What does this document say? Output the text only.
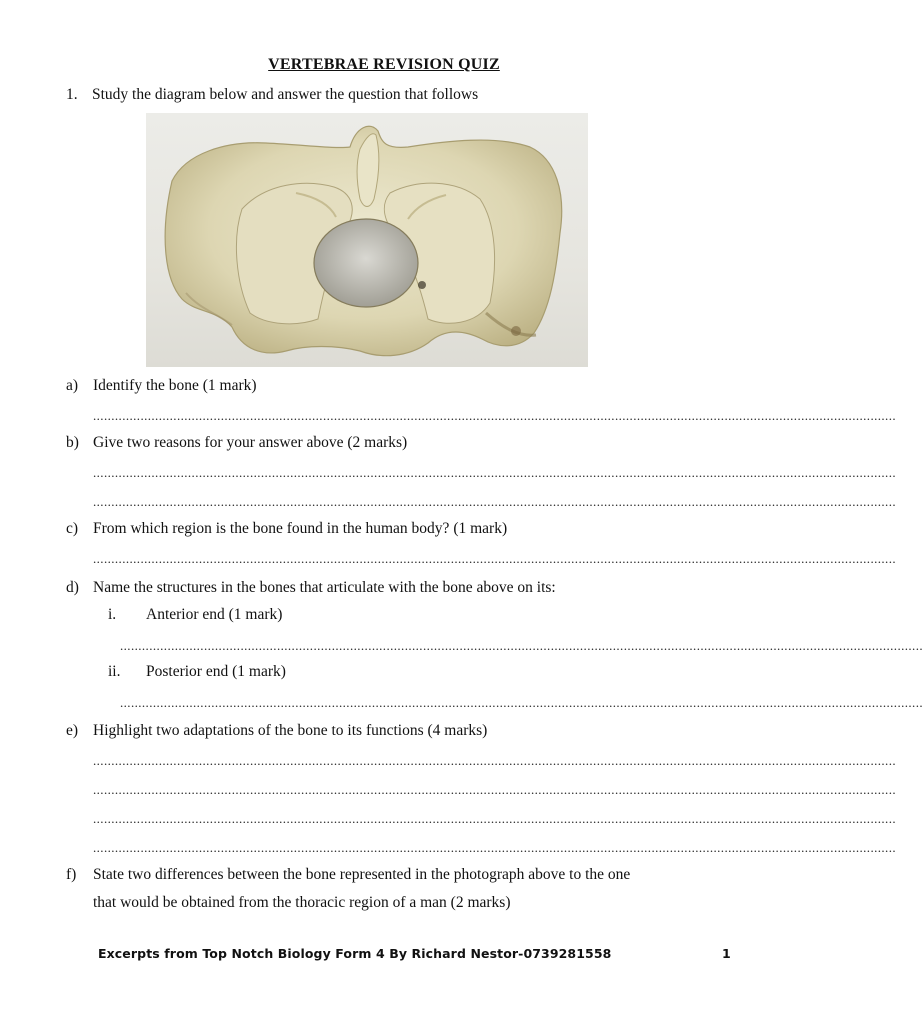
VERTEBRAE REVISION QUIZ
1. Study the diagram below and answer the question that follows
a) Identify the bone (1 mark)
............................................................................................................................................................................................................................
b) Give two reasons for your answer above (2 marks)
............................................................................................................................................................................................................................
............................................................................................................................................................................................................................
c) From which region is the bone found in the human body? (1 mark)
............................................................................................................................................................................................................................
d) Name the structures in the bones that articulate with the bone above on its:
i. Anterior end (1 mark)
............................................................................................................................................................................................................................
ii. Posterior end (1 mark)
............................................................................................................................................................................................................................
e) Highlight two adaptations of the bone to its functions (4 marks)
............................................................................................................................................................................................................................
............................................................................................................................................................................................................................
............................................................................................................................................................................................................................
............................................................................................................................................................................................................................
f) State two differences between the bone represented in the photograph above to the one
that would be obtained from the thoracic region of a man (2 marks)
Excerpts from Top Notch Biology Form 4 By Richard Nestor-0739281558	1
